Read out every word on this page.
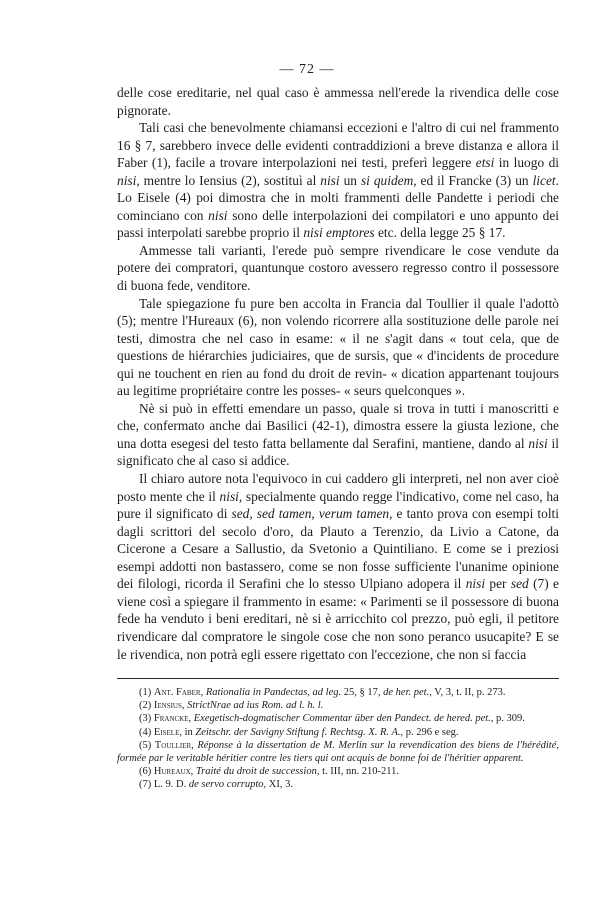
— 72 —

delle cose ereditarie, nel qual caso è ammessa nell'erede la rivendica delle cose pignorate.

Tali casi che benevolmente chiamansi eccezioni e l'altro di cui nel frammento 16 § 7, sarebbero invece delle evidenti contraddizioni a breve distanza e allora il Faber (1), facile a trovare interpolazioni nei testi, preferì leggere etsi in luogo di nisi, mentre lo Iensius (2), sostituì al nisi un si quidem, ed il Francke (3) un licet. Lo Eisele (4) poi dimostra che in molti frammenti delle Pandette i periodi che cominciano con nisi sono delle interpolazioni dei compilatori e uno appunto dei passi interpolati sarebbe proprio il nisi emptores etc. della legge 25 § 17.

Ammesse tali varianti, l'erede può sempre rivendicare le cose vendute da potere dei compratori, quantunque costoro avessero regresso contro il possessore di buona fede, venditore.

Tale spiegazione fu pure ben accolta in Francia dal Toullier il quale l'adottò (5); mentre l'Hureaux (6), non volendo ricorrere alla sostituzione delle parole nei testi, dimostra che nel caso in esame: « il ne s'agit dans « tout cela, que de questions de hiérarchies judiciaires, que de sursis, que « d'incidents de procedure qui ne touchent en rien au fond du droit de revin- « dication appartenant toujours au legitime propriétaire contre les posses- « seurs quelconques ».

Nè si può in effetti emendare un passo, quale si trova in tutti i manoscritti e che, confermato anche dai Basilici (42-1), dimostra essere la giusta lezione, che una dotta esegesi del testo fatta bellamente dal Serafini, mantiene, dando al nisi il significato che al caso si addice.

Il chiaro autore nota l'equivoco in cui caddero gli interpreti, nel non aver cioè posto mente che il nisi, specialmente quando regge l'indicativo, come nel caso, ha pure il significato di sed, sed tamen, verum tamen, e tanto prova con esempi tolti dagli scrittori del secolo d'oro, da Plauto a Terenzio, da Livio a Catone, da Cicerone a Cesare a Sallustio, da Svetonio a Quintiliano. E come se i preziosi esempi addotti non bastassero, come se non fosse sufficiente l'unanime opinione dei filologi, ricorda il Serafini che lo stesso Ulpiano adopera il nisi per sed (7) e viene così a spiegare il frammento in esame: « Parimenti se il possessore di buona fede ha venduto i beni ereditari, nè si è arricchito col prezzo, può egli, il petitore rivendicare dal compratore le singole cose che non sono peranco usucapite? E se le rivendica, non potrà egli essere rigettato con l'eccezione, che non si faccia

(1) Ant. Faber, Rationalia in Pandectas, ad leg. 25, § 17, de her. pet., V, 3, t. II, p. 273.

(2) Iensius, StrictNrae ad ius Rom. ad l. h. l.

(3) Francke, Exegetisch-dogmatischer Commentar über den Pandect. de hered. pet., p. 309.

(4) Eisele, in Zeitschr. der Savigny Stiftung f. Rechtsg. X. R. A., p. 296 e seg.

(5) Toullier, Réponse à la dissertation de M. Merlin sur la revendication des biens de l'hérédité, formée par le veritable héritier contre les tiers qui ont acquis de bonne foi de l'héritier apparent.

(6) Hureaux, Traité du droit de succession, t. III, nn. 210-211.

(7) L. 9. D. de servo corrupto, XI, 3.
